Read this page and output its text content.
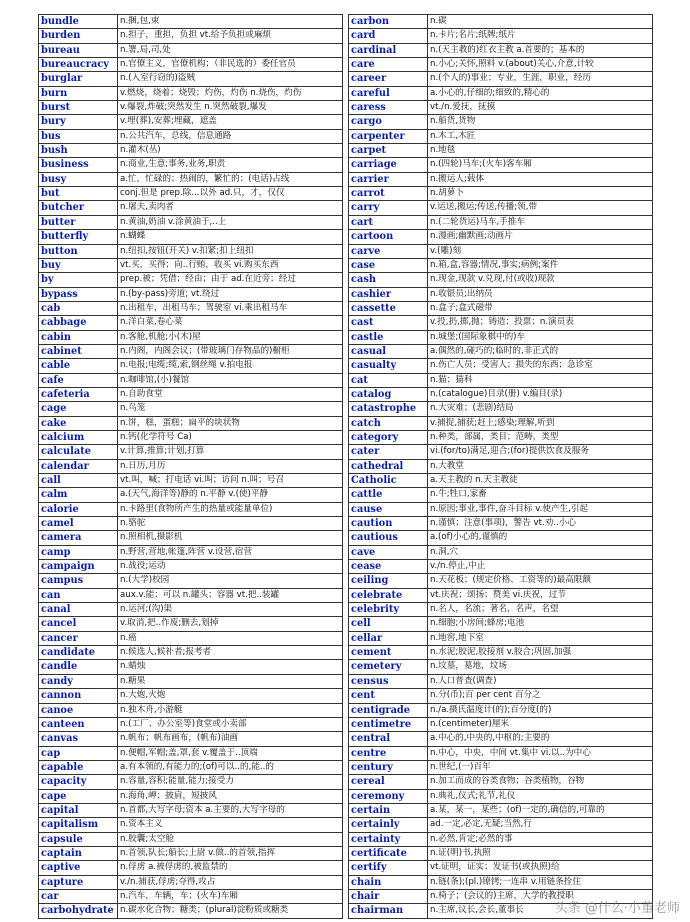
bundle	n.捆,包,束
burden	n.担子，重担，负担 vt.给予负担或麻烦
bureau	n.署,局,司,处
bureaucracy	n.官僚主义，官僚机构；（非民选的）委任官员
burglar	n.(入室行窃的)盗贼
burn	v.燃烧，烧着；烧毁；灼伤，灼伤 n.烧伤，灼伤
burst	v.爆裂,炸破;突然发生 n.突然破裂,爆发
bury	v.埋(葬),安葬;埋藏，遮盖
bus	n.公共汽车，总线，信息通路
bush	n.灌木(丛)
business	n.商业,生意;事务,业务,职责
busy	a.忙，忙碌的；热闹的，繁忙的；(电话)占线
but	conj.但是 prep.除...以外 ad.只，才，仅仅
butcher	n.屠夫,卖肉者
butter	n.黄油,奶油 v.涂黄油于,..上
butterfly	n.蝴蝶
button	n.纽扣,按钮(开关) v.扣紧;扣上纽扣
buy	vt.买，买得；向..行贿，收买 vi.购买东西
by	prep.被；凭借；经由；由于 ad.在近旁；经过
bypass	n.(by-pass)旁道; vt.绕过
cab	n.出租车，出租马车；驾驶室 vi.乘出租马车
cabbage	n.洋白菜,卷心菜
cabin	n.客舱,机舱;小(木)屋
cabinet	n.内阁，内阁会议；(带玻璃门存物品的)橱柜
cable	n.电报;电缆;缆,索,钢丝绳 v.拍电报
cafe	n.咖啡馆,(小)餐馆
cafeteria	n.自助食堂
cage	n.鸟笼
cake	n.饼，糕，蛋糕；扁平的块状物
calcium	n.钙(化学符号 Ca)
calculate	v.计算,推算;计划,打算
calendar	n.日历,月历
call	vt.叫，喊；打电话 vi.叫；访问 n.叫；号召
calm	a.(天气,海洋等)静的 n.平静 v.(使)平静
calorie	n.卡路里(食物所产生的热量或能量单位)
camel	n.骆驼
camera	n.照相机,摄影机
camp	n.野营,营地,帐篷,阵营 v.设营,宿营
campaign	n.战役;运动
campus	n.(大学)校园
can	aux.v.能；可以 n.罐头；容器 vt.把..装罐
canal	n.运河;(沟)渠
cancel	v.取消,把..作废;删去,划掉
cancer	n.癌
candidate	n.候选人,候补者;报考者
candle	n.蜡烛
candy	n.糖果
cannon	n.大炮,火炮
canoe	n.独木舟,小游艇
canteen	n.(工厂、办公室等)食堂或小卖部
canvas	n.帆布；帆布画布，(帆布)油画
cap	n.便帽,军帽;盖,罩,套 v.覆盖于..顶端
capable	a.有本领的,有能力的;(of)可以..的,能..的
capacity	n.容量,容积;能量,能力;接受力
cape	n.海角,岬；披肩，短披风
capital	n.首都,大写字母;资本 a.主要的,大写字母的
capitalism	n.资本主义
capsule	n.胶囊;太空舱
captain	n.首领,队长;船长;上尉 v.做..的首领,指挥
captive	n.俘虏 a.被俘虏的,被监禁的
capture	v./n.捕获,俘虏;夺得,攻占
car	n.汽车，车辆，车；(火车)车厢
carbohydrate	n.碳水化合物；糖类；(plural)淀粉质或糖类
carbon	n.碳
card	n.卡片;名片;纸牌;纸片
cardinal	n.(天主教的)红衣主教 a.首要的；基本的
care	n.小心;关怀,照料 v.(about)关心,介意,计较
career	n.(个人的)事业；专业，生涯，职业，经历
careful	a.小心的,仔细的;细致的,精心的
caress	vt./n.爱抚，抚摸
cargo	n.船货,货物
carpenter	n.木工,木匠
carpet	n.地毯
carriage	n.(四轮)马车;(火车)客车厢
carrier	n.搬运人;载体
carrot	n.胡萝卜
carry	v.运送,搬运;传送,传播;领,带
cart	n.(二轮货运)马车,手推车
cartoon	n.漫画;幽默画;动画片
carve	v.(雕)刻
case	n.箱,盒,容器;情况,事实;病例;案件
cash	n.现金,现款 v.兑现,付(或收)现款
cashier	n.收银员;出纳员
cassette	n.盒子;盒式磁带
cast	v.投,扔,掷,抛；铸造；投票；n.演员表
castle	n.城堡;(国际象棋中的)车
casual	a.偶然的,碰巧的;临时的,非正式的
casualty	n.伤亡人员；受害人；损失的东西；急诊室
cat	n.猫；猫科
catalog	n.(catalogue)目录(册) v.编目(录)
catastrophe	n.大灾难；(悲剧)结局
catch	v.捕捉,捕获;赶上;感染;理解,听到
category	n.种类，部属，类目；范畴，类型
cater	vi.(for/to)满足,迎合;(for)提供饮食及服务
cathedral	n.大教堂
Catholic	a.天主教的 n.天主教徒
cattle	n.牛;牲口,家畜
cause	n.原因;事业,事件,奋斗目标 v.使产生,引起
caution	n.谨慎；注意(事项)，警告 vt.劝..小心
cautious	a.(of)小心的,谨慎的
cave	n.洞,穴
cease	v./n.停止,中止
ceiling	n.天花板；(规定价格、工资等的)最高限额
celebrate	vt.庆祝；颂扬；赞美 vi.庆祝，过节
celebrity	n.名人，名流；著名，名声，名望
cell	n.细胞;小房间;蜂房;电池
cellar	n.地窖,地下室
cement	n.水泥;胶泥,胶接剂 v.胶合;巩固,加强
cemetery	n.坟墓，墓地，坟场
census	n.人口普查(调查)
cent	n.分(币);百 per cent 百分之
centigrade	n./a.摄氏温度计(的);百分度(的)
centimetre	n.(centimeter)厘米
central	a.中心的,中央的,中枢的;主要的
centre	n.中心，中央，中间 vt.集中 vi.以..为中心
century	n.世纪,(一)百年
cereal	n.加工而成的谷类食物；谷类植物，谷物
ceremony	n.典礼,仪式;礼节,礼仪
certain	a.某，某一，某些；(of)一定的,确信的,可靠的
certainly	ad.一定,必定,无疑;当然,行
certainty	n.必然,肯定;必然的事
certificate	n.证(明)书,执照
certify	vt.证明，证实；发证书(或执照)给
chain	n.链(条);(pl.)镣铐;一连串 v.用链条拴住
chair	n.椅子；(会议的)主席，大学的教授职
chairman	n.主席,议长,会长,董事长 头条 @什么·小董老师
